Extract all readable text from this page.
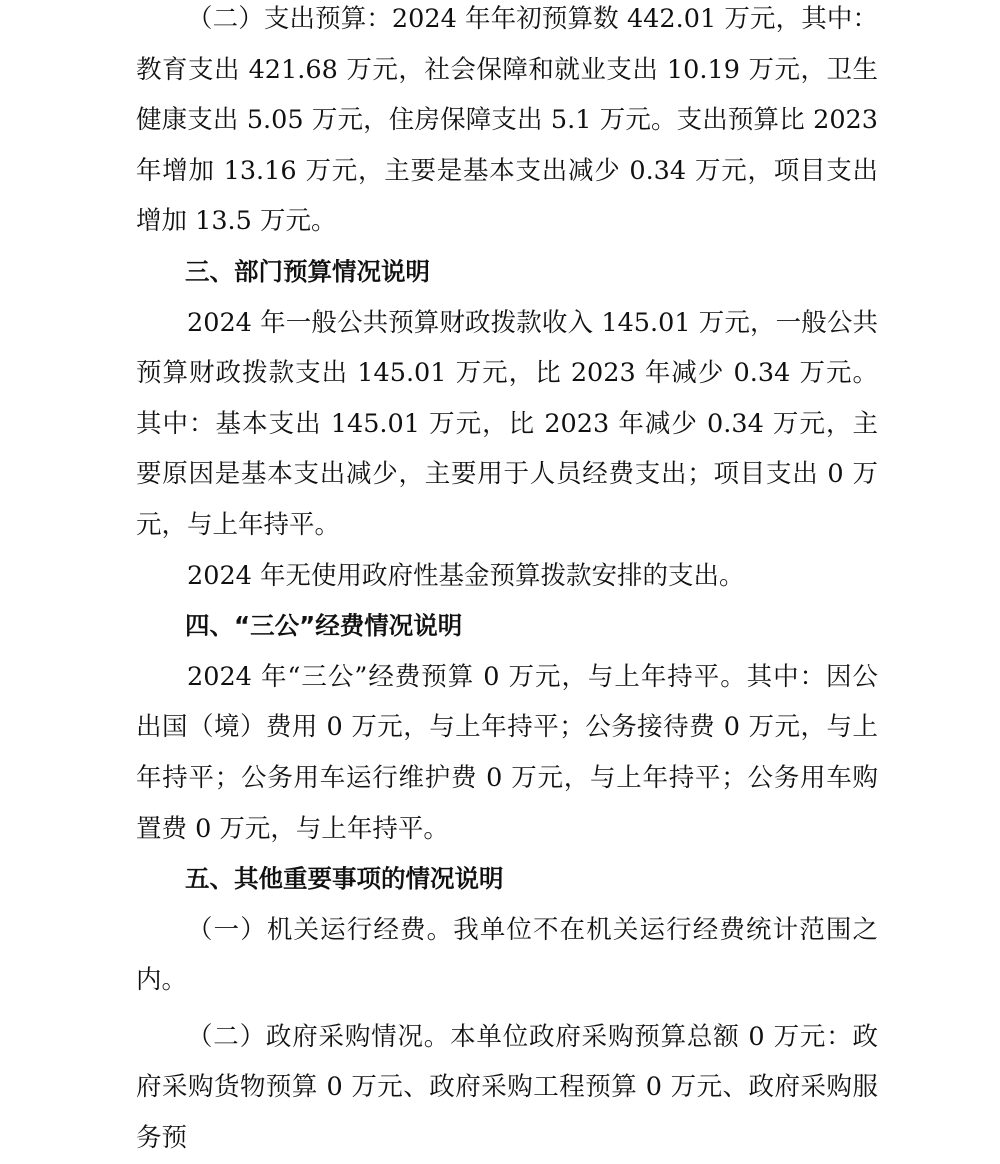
（二）支出预算：2024 年年初预算数 442.01 万元，其中：教育支出 421.68 万元，社会保障和就业支出 10.19 万元，卫生健康支出 5.05 万元，住房保障支出 5.1 万元。支出预算比 2023 年增加 13.16 万元，主要是基本支出减少 0.34 万元，项目支出增加 13.5 万元。

三、部门预算情况说明

2024 年一般公共预算财政拨款收入 145.01 万元，一般公共预算财政拨款支出 145.01 万元，比 2023 年减少 0.34 万元。其中：基本支出 145.01 万元，比 2023 年减少 0.34 万元，主要原因是基本支出减少，主要用于人员经费支出；项目支出 0 万元，与上年持平。

2024 年无使用政府性基金预算拨款安排的支出。

四、“三公”经费情况说明

2024 年“三公”经费预算 0 万元，与上年持平。其中：因公出国（境）费用 0 万元，与上年持平；公务接待费 0 万元，与上年持平；公务用车运行维护费 0 万元，与上年持平；公务用车购置费 0 万元，与上年持平。

五、其他重要事项的情况说明

（一）机关运行经费。我单位不在机关运行经费统计范围之内。

（二）政府采购情况。本单位政府采购预算总额 0 万元：政府采购货物预算 0 万元、政府采购工程预算 0 万元、政府采购服务预
